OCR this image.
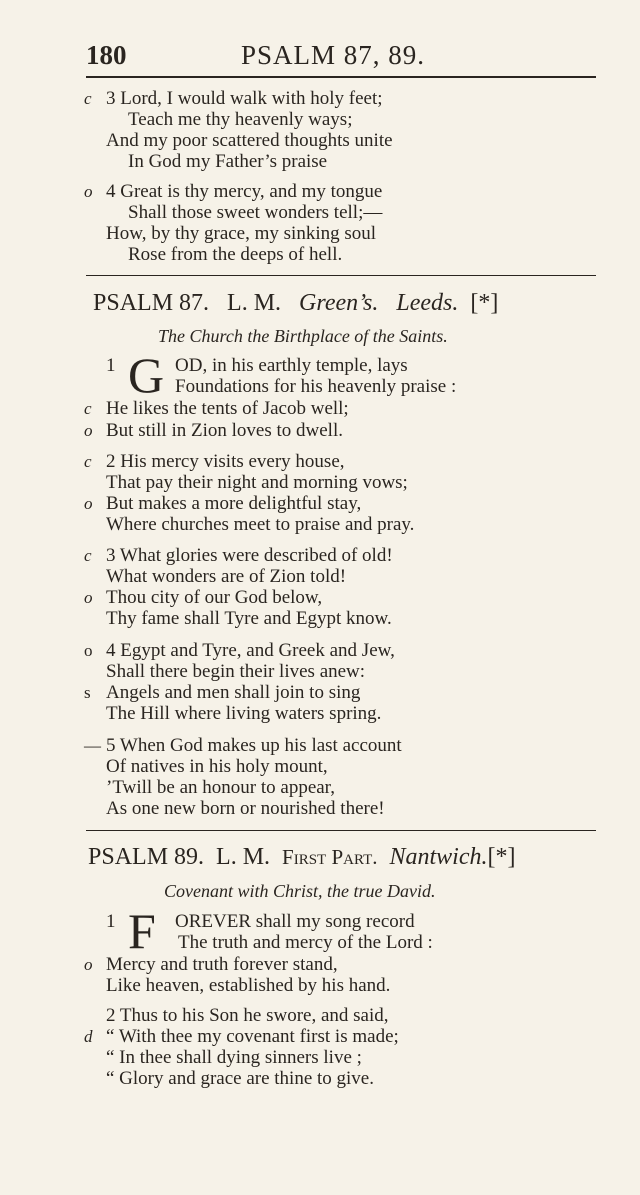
180	PSALM 87, 89.
c 3 Lord, I would walk with holy feet;
Teach me thy heavenly ways;
And my poor scattered thoughts unite
In God my Father’s praise
o 4 Great is thy mercy, and my tongue
Shall those sweet wonders tell;—
How, by thy grace, my sinking soul
Rose from the deeps of hell.
PSALM 87. L. M. Green’s. Leeds. [*]
The Church the Birthplace of the Saints.
1 G OD, in his earthly temple, lays
Foundations for his heavenly praise :
c He likes the tents of Jacob well;
o But still in Zion loves to dwell.
c 2 His mercy visits every house,
That pay their night and morning vows;
o But makes a more delightful stay,
Where churches meet to praise and pray.
c 3 What glories were described of old!
What wonders are of Zion told!
o Thou city of our God below,
Thy fame shall Tyre and Egypt know.
o 4 Egypt and Tyre, and Greek and Jew,
Shall there begin their lives anew:
s Angels and men shall join to sing
The Hill where living waters spring.
— 5 When God makes up his last account
Of natives in his holy mount,
’Twill be an honour to appear,
As one new born or nourished there!
PSALM 89. L. M. First Part. Nantwich.[*]
Covenant with Christ, the true David.
1 F OREVER shall my song record
The truth and mercy of the Lord :
o Mercy and truth forever stand,
Like heaven, established by his hand.
2 Thus to his Son he swore, and said,
d “ With thee my covenant first is made;
“ In thee shall dying sinners live ;
“ Glory and grace are thine to give.
